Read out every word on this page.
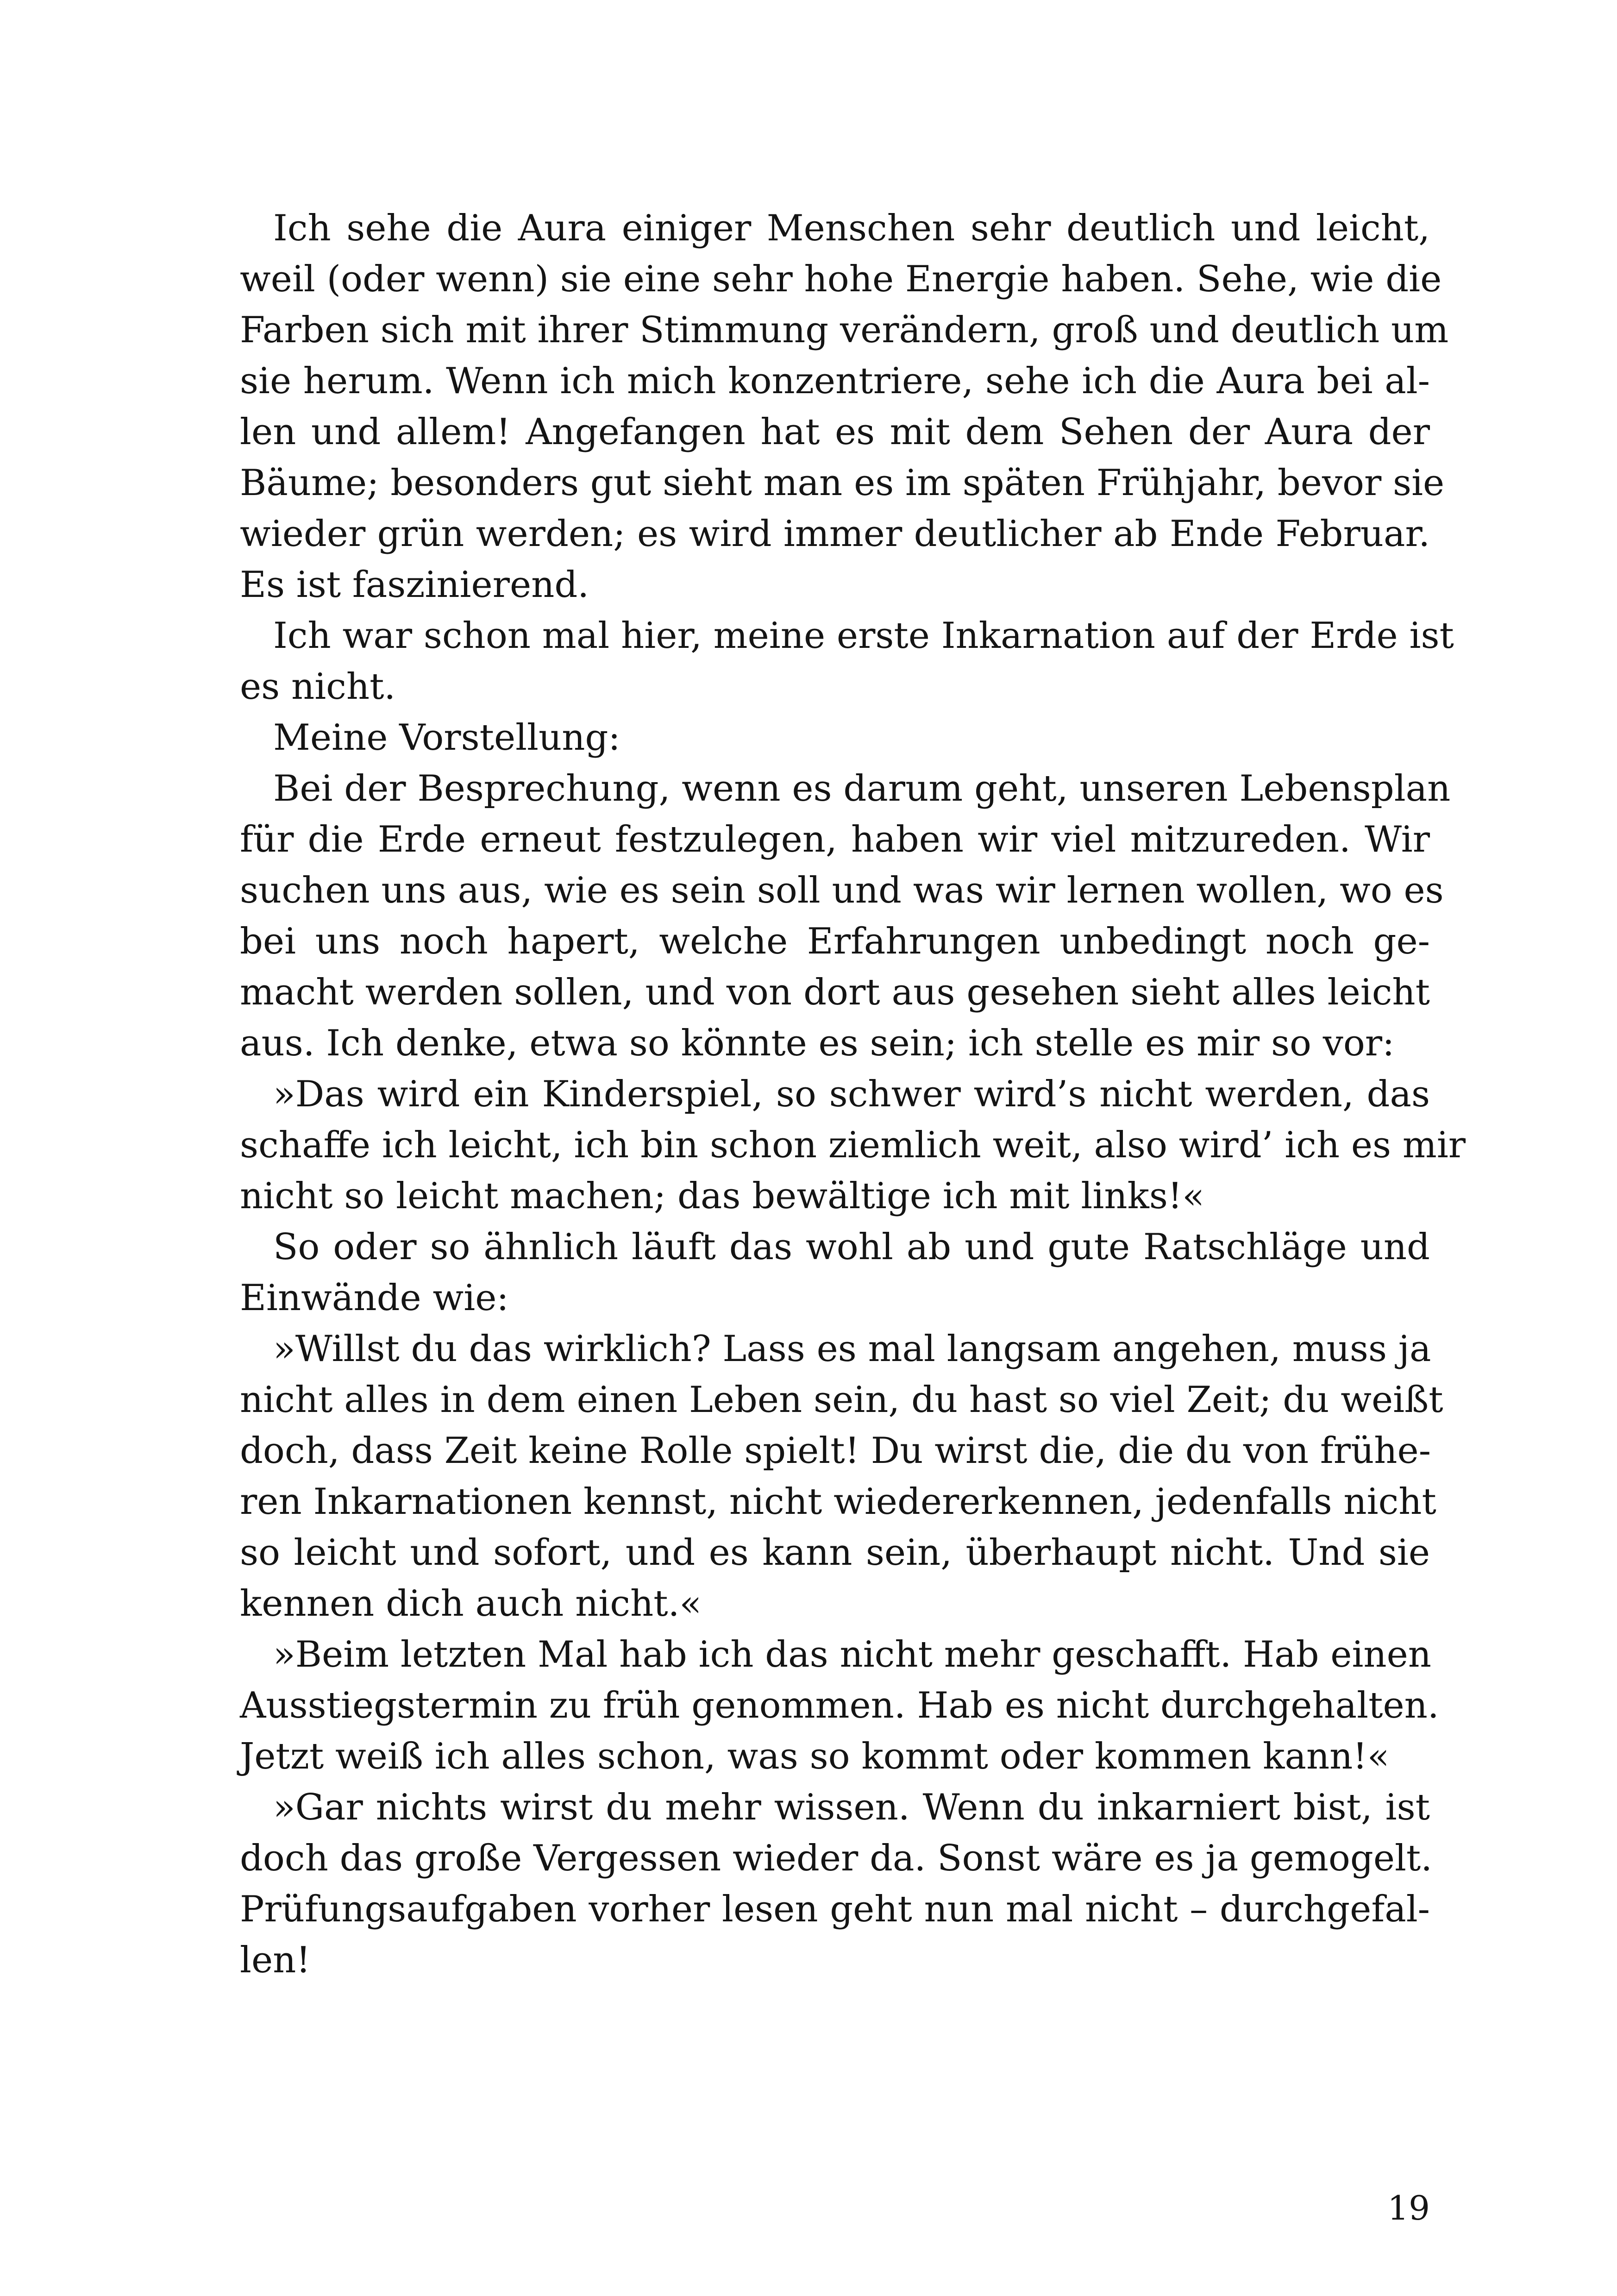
Ich sehe die Aura einiger Menschen sehr deutlich und leicht,
weil (oder wenn) sie eine sehr hohe Energie haben. Sehe, wie die
Farben sich mit ihrer Stimmung verändern, groß und deutlich um
sie herum. Wenn ich mich konzentriere, sehe ich die Aura bei al-
len und allem! Angefangen hat es mit dem Sehen der Aura der
Bäume; besonders gut sieht man es im späten Frühjahr, bevor sie
wieder grün werden; es wird immer deutlicher ab Ende Februar.
Es ist faszinierend.
Ich war schon mal hier, meine erste Inkarnation auf der Erde ist
es nicht.
Meine Vorstellung:
Bei der Besprechung, wenn es darum geht, unseren Lebensplan
für die Erde erneut festzulegen, haben wir viel mitzureden. Wir
suchen uns aus, wie es sein soll und was wir lernen wollen, wo es
bei uns noch hapert, welche Erfahrungen unbedingt noch ge-
macht werden sollen, und von dort aus gesehen sieht alles leicht
aus. Ich denke, etwa so könnte es sein; ich stelle es mir so vor:
»Das wird ein Kinderspiel, so schwer wird’s nicht werden, das
schaffe ich leicht, ich bin schon ziemlich weit, also wird’ ich es mir
nicht so leicht machen; das bewältige ich mit links!«
So oder so ähnlich läuft das wohl ab und gute Ratschläge und
Einwände wie:
»Willst du das wirklich? Lass es mal langsam angehen, muss ja
nicht alles in dem einen Leben sein, du hast so viel Zeit; du weißt
doch, dass Zeit keine Rolle spielt! Du wirst die, die du von frühe-
ren Inkarnationen kennst, nicht wiedererkennen, jedenfalls nicht
so leicht und sofort, und es kann sein, überhaupt nicht. Und sie
kennen dich auch nicht.«
»Beim letzten Mal hab ich das nicht mehr geschafft. Hab einen
Ausstiegstermin zu früh genommen. Hab es nicht durchgehalten.
Jetzt weiß ich alles schon, was so kommt oder kommen kann!«
»Gar nichts wirst du mehr wissen. Wenn du inkarniert bist, ist
doch das große Vergessen wieder da. Sonst wäre es ja gemogelt.
Prüfungsaufgaben vorher lesen geht nun mal nicht – durchgefal-
len!
19
